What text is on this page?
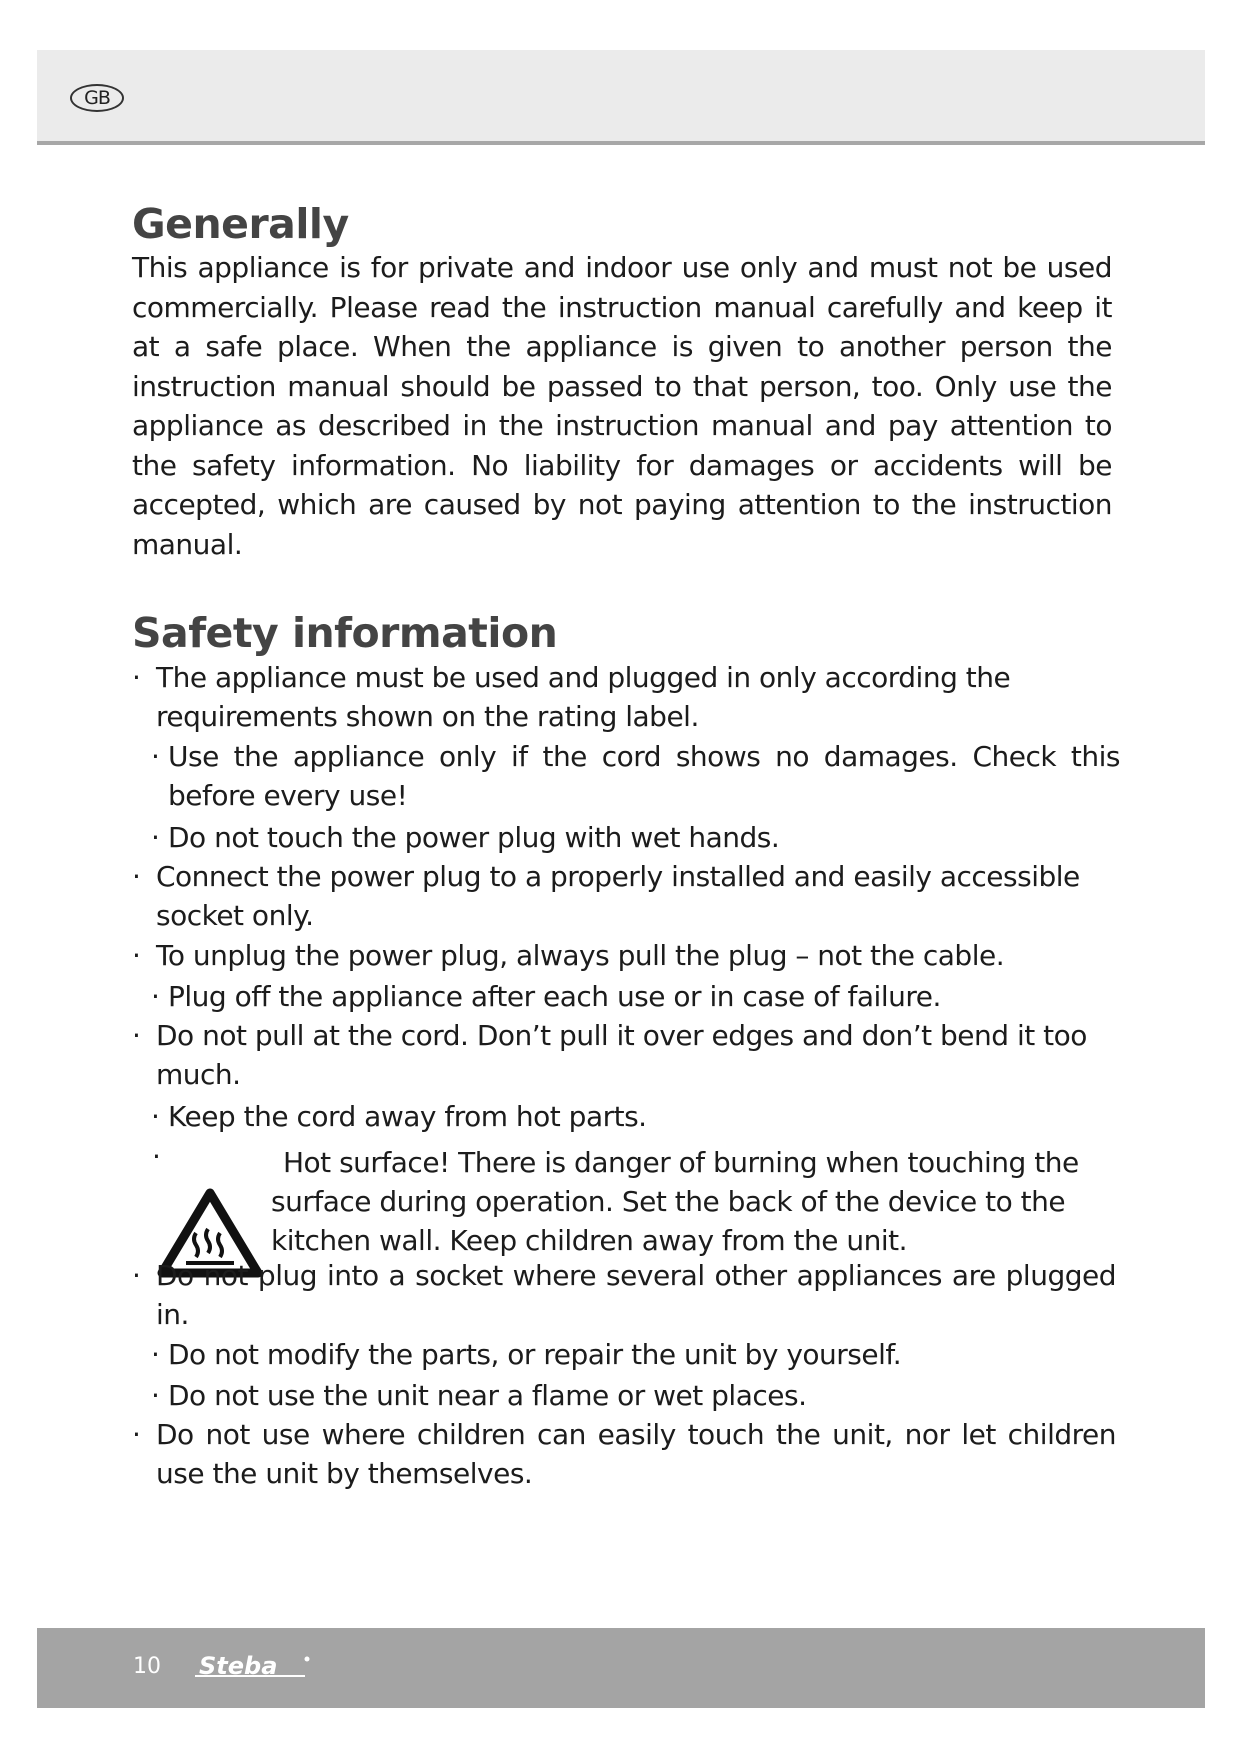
GB
Generally

This appliance is for private and indoor use only and must not be used commercially. Please read the instruction manual carefully and keep it at a safe place. When the appliance is given to another person the instruction manual should be passed to that person, too. Only use the appliance as described in the instruction manual and pay attention to the safety information. No liability for damages or accidents will be accepted, which are caused by not paying attention to the instruction manual.

Safety information
· The appliance must be used and plugged in only according the requirements shown on the rating label.
· Use the appliance only if the cord shows no damages. Check this before every use!
· Do not touch the power plug with wet hands.
· Connect the power plug to a properly installed and easily accessible socket only.
· To unplug the power plug, always pull the plug – not the cable.
· Plug off the appliance after each use or in case of failure.
· Do not pull at the cord. Don’t pull it over edges and don’t bend it too much.
· Keep the cord away from hot parts.
·	Hot surface! There is danger of burning when touching the surface during operation. Set the back of the device to the kitchen wall. Keep children away from the unit.
· Do not plug into a socket where several other appliances are plugged in.
· Do not modify the parts, or repair the unit by yourself.
· Do not use the unit near a flame or wet places.
· Do not use where children can easily touch the unit, nor let children use the unit by themselves.
10 Steba
